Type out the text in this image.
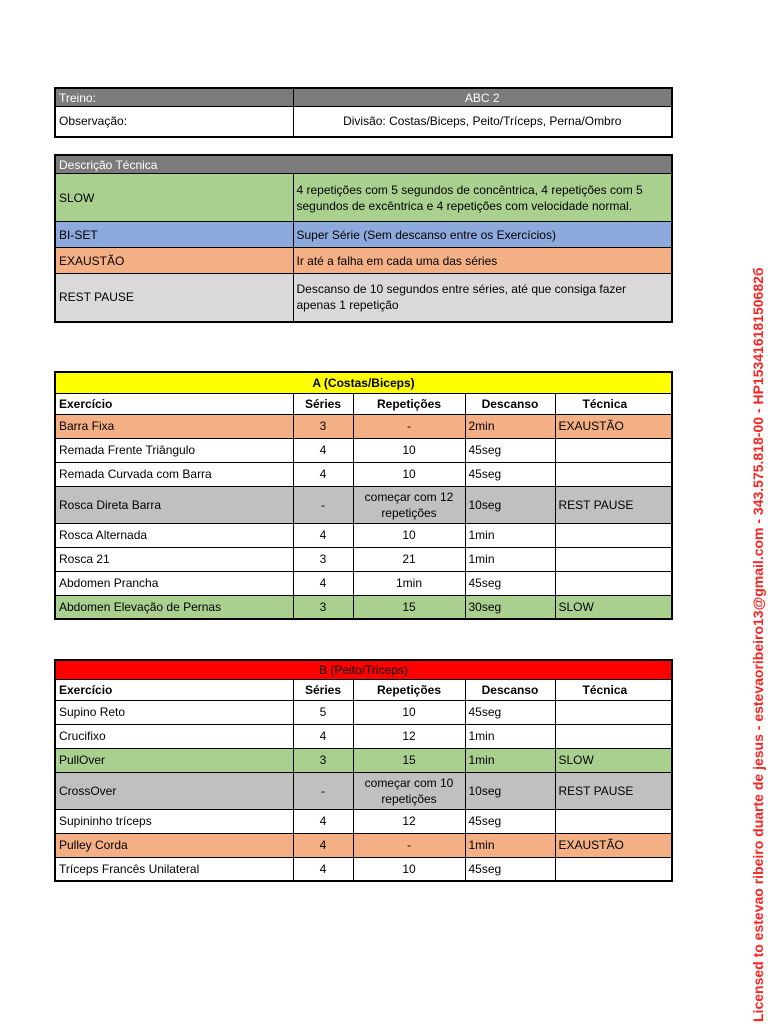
Treino:	ABC 2
Observação:	Divisão: Costas/Biceps, Peito/Tríceps, Perna/Ombro
Descrição Técnica	
SLOW	4 repetições com 5 segundos de concêntrica, 4 repetições com 5 segundos de excêntrica e 4 repetições com velocidade normal.
BI-SET	Super Série (Sem descanso entre os Exercícios)
EXAUSTÃO	Ir até a falha em cada uma das séries
REST PAUSE	Descanso de 10 segundos entre séries, até que consiga fazer apenas 1 repetição
A (Costas/Biceps)				
Exercício	Séries	Repetições	Descanso	Técnica
Barra Fixa	3	-	2min	EXAUSTÃO
Remada Frente Triângulo	4	10	45seg	
Remada Curvada com Barra	4	10	45seg	
Rosca Direta Barra	-	começar com 12 repetições	10seg	REST PAUSE
Rosca Alternada	4	10	1min	
Rosca 21	3	21	1min	
Abdomen Prancha	4	1min	45seg	
Abdomen Elevação de Pernas	3	15	30seg	SLOW
B (Peito/Triceps)				
Exercício	Séries	Repetições	Descanso	Técnica
Supino Reto	5	10	45seg	
Crucifixo	4	12	1min	
PullOver	3	15	1min	SLOW
CrossOver	-	começar com 10 repetições	10seg	REST PAUSE
Supininho tríceps	4	12	45seg	
Pulley Corda	4	-	1min	EXAUSTÃO
Tríceps Francês Unilateral	4	10	45seg		Licensed to estevao ribeiro duarte de jesus - estevaoribeiro13@gmail.com - 343.575.818-00 - HP15341618150682б
